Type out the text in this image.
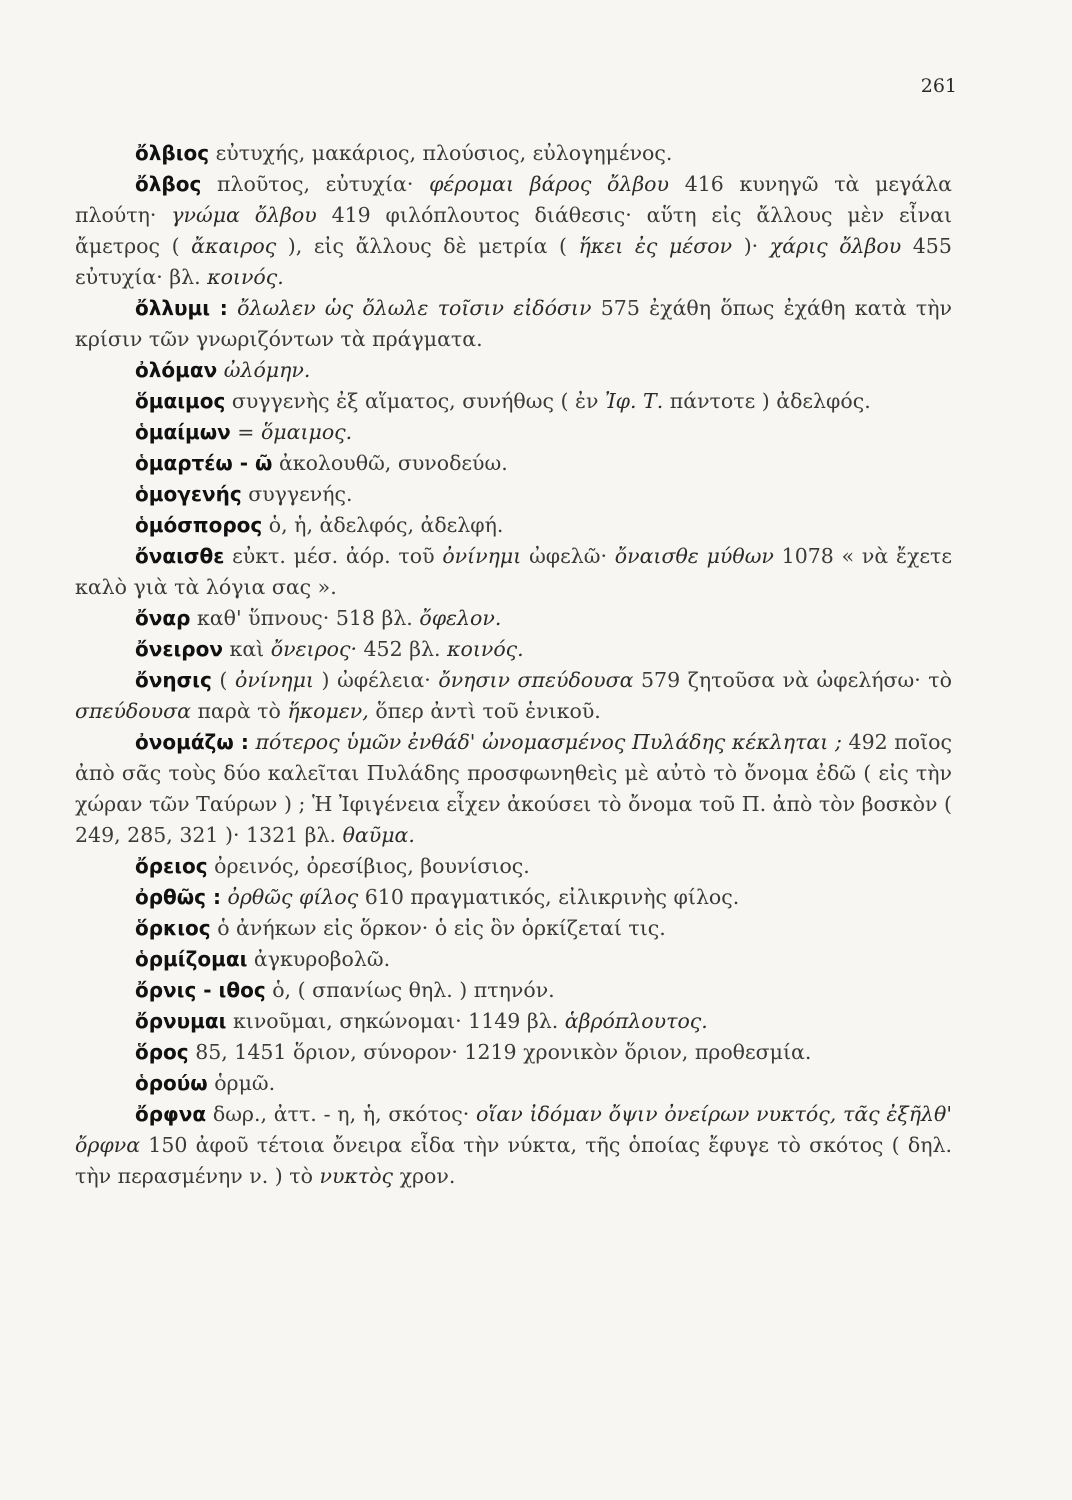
261

ὄλβιος εὐτυχής, μακάριος, πλούσιος, εὐλογημένος.

ὄλβος πλοῦτος, εὐτυχία· φέρομαι βάρος ὄλβου 416 κυνηγῶ τὰ μεγάλα πλούτη· γνώμα ὄλβου 419 φιλόπλουτος διάθεσις· αὕτη εἰς ἄλλους μὲν εἶναι ἄμετρος ( ἄκαιρος ), εἰς ἄλλους δὲ μετρία ( ἥκει ἐς μέσον )· χάρις ὄλβου 455 εὐτυχία· βλ. κοινός.

ὄλλυμι : ὄλωλεν ὡς ὄλωλε τοῖσιν εἰδόσιν 575 ἐχάθη ὅπως ἐχάθη κατὰ τὴν κρίσιν τῶν γνωριζόντων τὰ πράγματα.

ὀλόμαν ὠλόμην.

ὅμαιμος συγγενὴς ἐξ αἵματος, συνήθως ( ἐν Ἰφ. Τ. πάντοτε ) ἀδελφός.

ὁμαίμων = ὅμαιμος.

ὁμαρτέω - ῶ ἀκολουθῶ, συνοδεύω.

ὁμογενής συγγενής.

ὁμόσπορος ὁ, ἡ, ἀδελφός, ἀδελφή.

ὄναισθε εὐκτ. μέσ. ἀόρ. τοῦ ὀνίνημι ὠφελῶ· ὄναισθε μύθων 1078 « νὰ ἔχετε καλὸ γιὰ τὰ λόγια σας ».

ὄναρ καθ' ὕπνους· 518 βλ. ὄφελον.

ὄνειρον καὶ ὄνειρος· 452 βλ. κοινός.

ὄνησις ( ὀνίνημι ) ὠφέλεια· ὄνησιν σπεύδουσα 579 ζητοῦσα νὰ ὠφελήσω· τὸ σπεύδουσα παρὰ τὸ ἥκομεν, ὅπερ ἀντὶ τοῦ ἑνικοῦ.

ὀνομάζω : πότερος ὑμῶν ἐνθάδ' ὠνομασμένος Πυλάδης κέκληται ; 492 ποῖος ἀπὸ σᾶς τοὺς δύο καλεῖται Πυλάδης προσφωνηθεὶς μὲ αὐτὸ τὸ ὄνομα ἐδῶ ( εἰς τὴν χώραν τῶν Ταύρων ) ; Ἡ Ἰφιγένεια εἶχεν ἀκούσει τὸ ὄνομα τοῦ Π. ἀπὸ τὸν βοσκὸν ( 249, 285, 321 )· 1321 βλ. θαῦμα.

ὄρειος ὀρεινός, ὀρεσίβιος, βουνίσιος.

ὀρθῶς : ὀρθῶς φίλος 610 πραγματικός, εἰλικρινὴς φίλος.

ὅρκιος ὁ ἀνήκων εἰς ὅρκον· ὁ εἰς ὃν ὁρκίζεταί τις.

ὁρμίζομαι ἀγκυροβολῶ.

ὄρνις - ιθος ὁ, ( σπανίως θηλ. ) πτηνόν.

ὄρνυμαι κινοῦμαι, σηκώνομαι· 1149 βλ. ἁβρόπλουτος.

ὅρος 85, 1451 ὅριον, σύνορον· 1219 χρονικὸν ὅριον, προθεσμία.

ὁρούω ὁρμῶ.

ὄρφνα δωρ., ἀττ. - η, ἡ, σκότος· οἵαν ἰδόμαν ὄψιν ὀνείρων νυκτός, τᾶς ἐξῆλθ' ὄρφνα 150 ἀφοῦ τέτοια ὄνειρα εἶδα τὴν νύκτα, τῆς ὁποίας ἔφυγε τὸ σκότος ( δηλ. τὴν περασμένην ν. ) τὸ νυκτὸς χρον.
